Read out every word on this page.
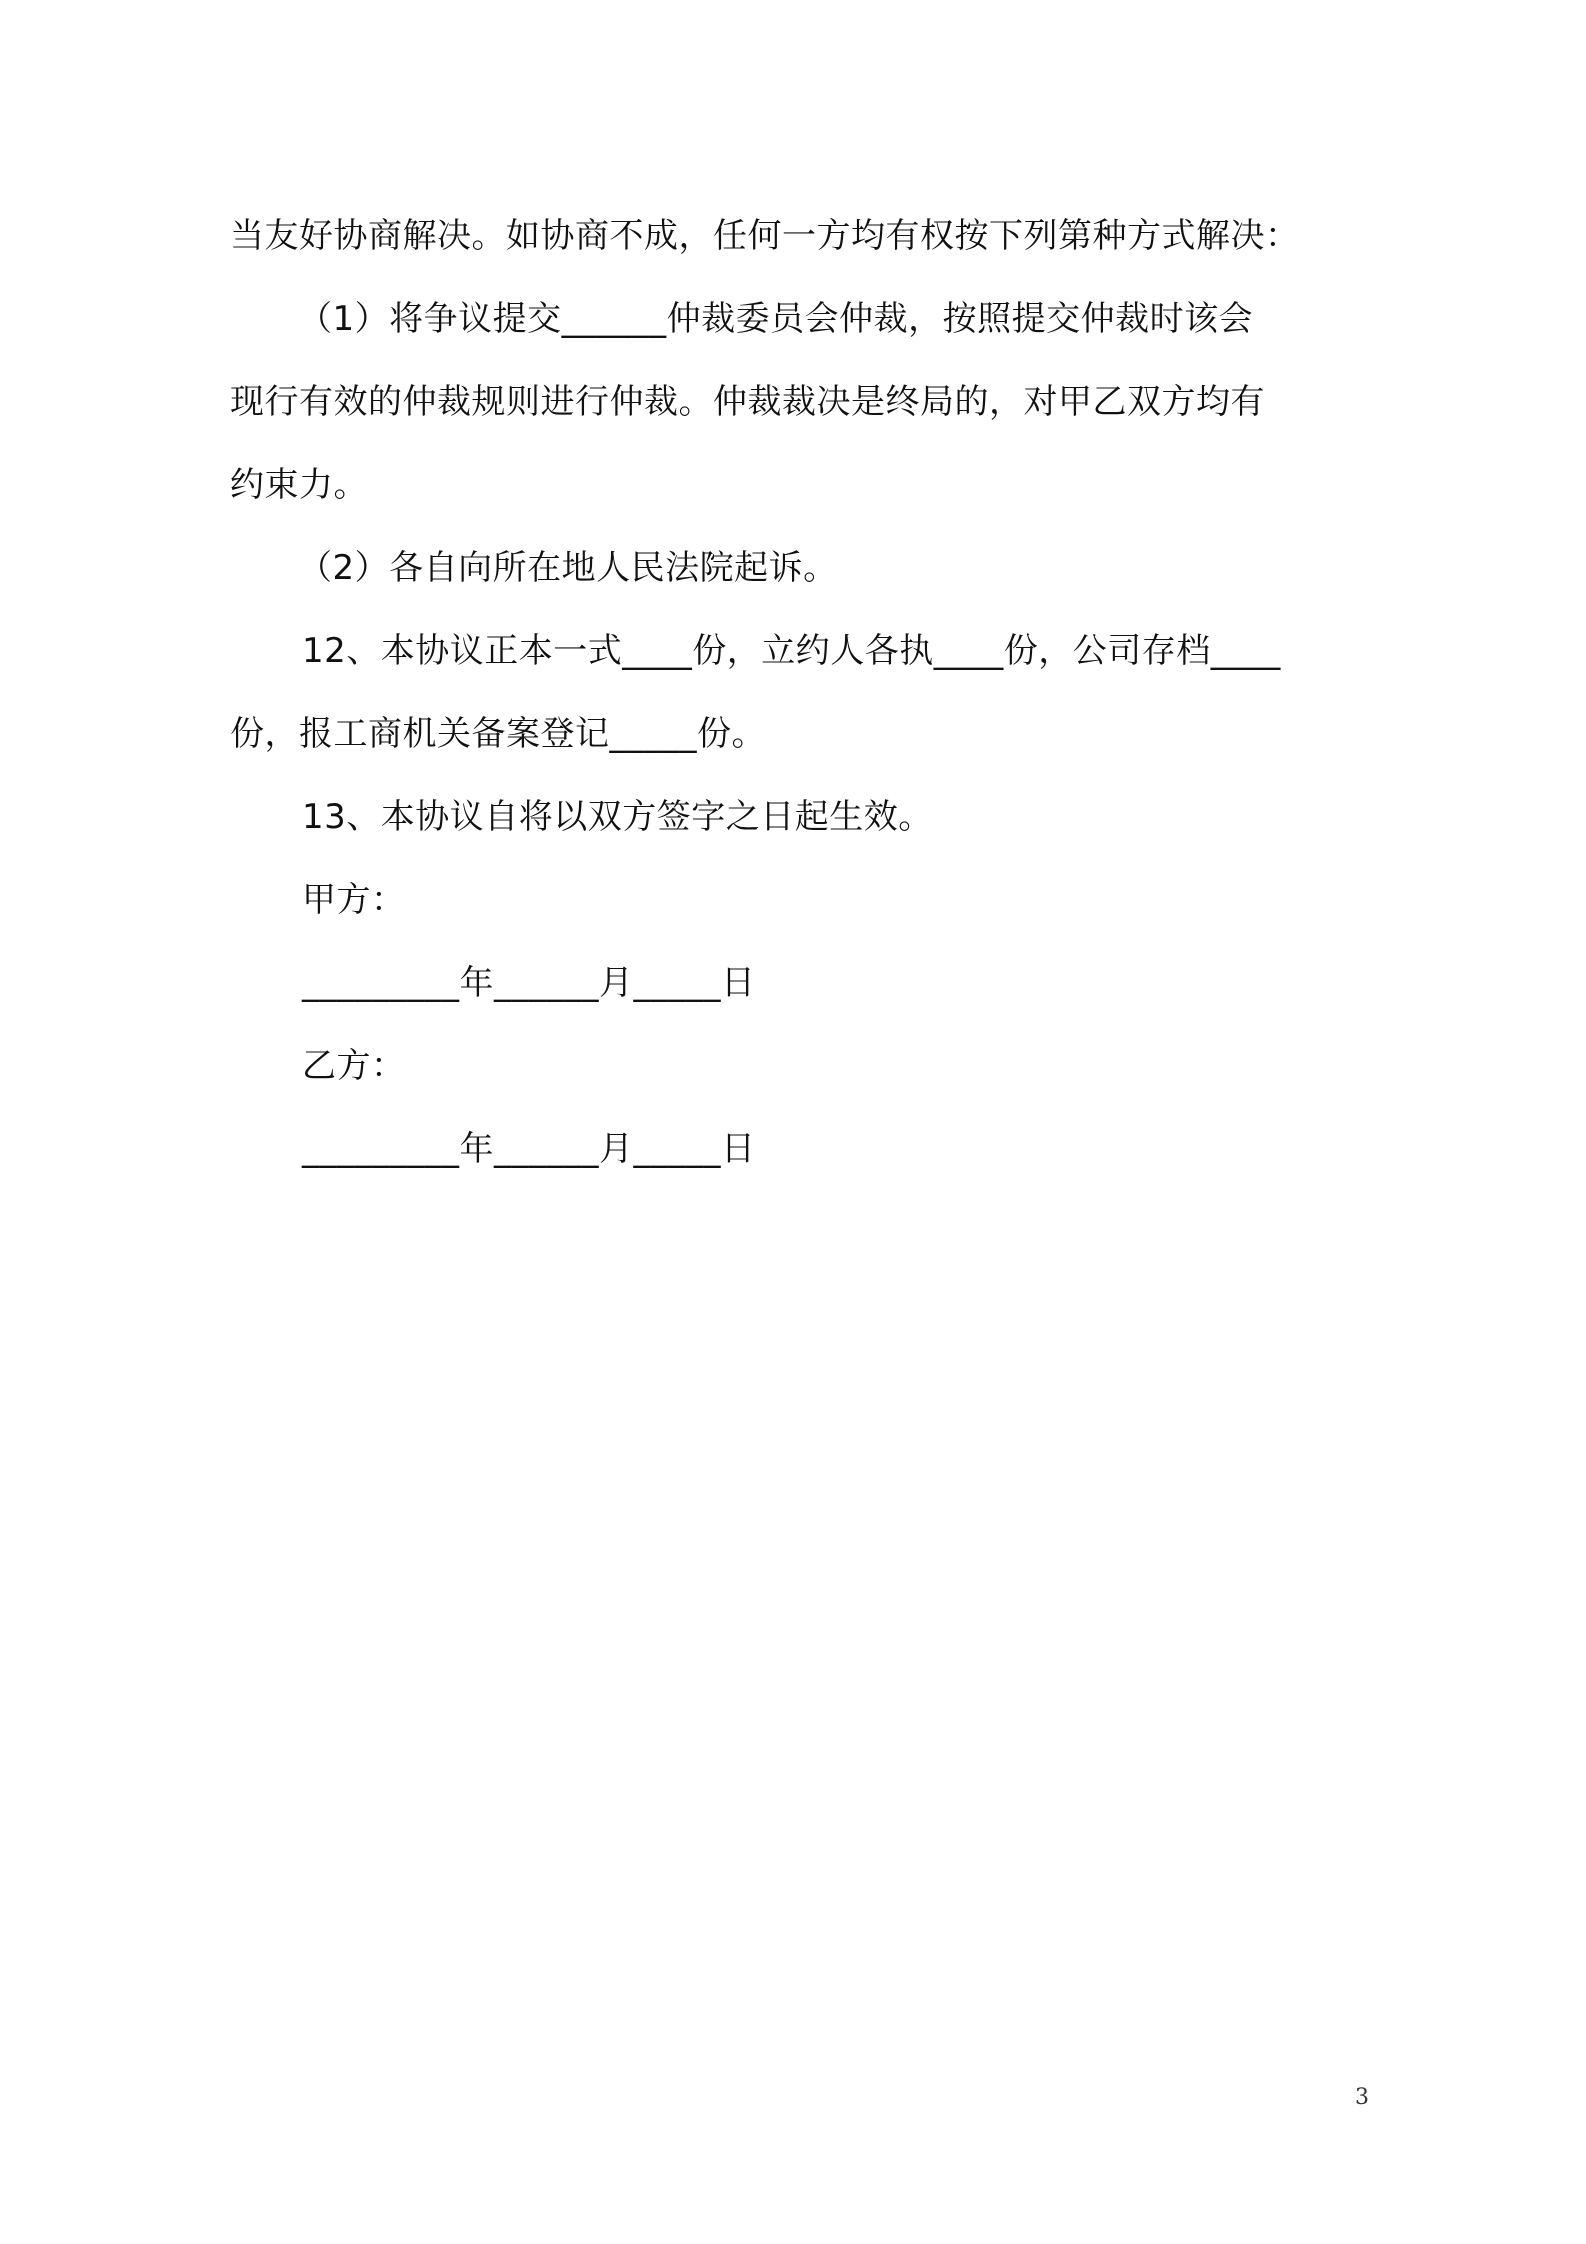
当友好协商解决。如协商不成，任何一方均有权按下列第种方式解决：
（1）将争议提交______仲裁委员会仲裁，按照提交仲裁时该会
现行有效的仲裁规则进行仲裁。仲裁裁决是终局的，对甲乙双方均有
约束力。
（2）各自向所在地人民法院起诉。
12、本协议正本一式____份，立约人各执____份，公司存档____
份，报工商机关备案登记_____份。
13、本协议自将以双方签字之日起生效。
甲方：
_________年______月_____日
乙方：
_________年______月_____日
3
